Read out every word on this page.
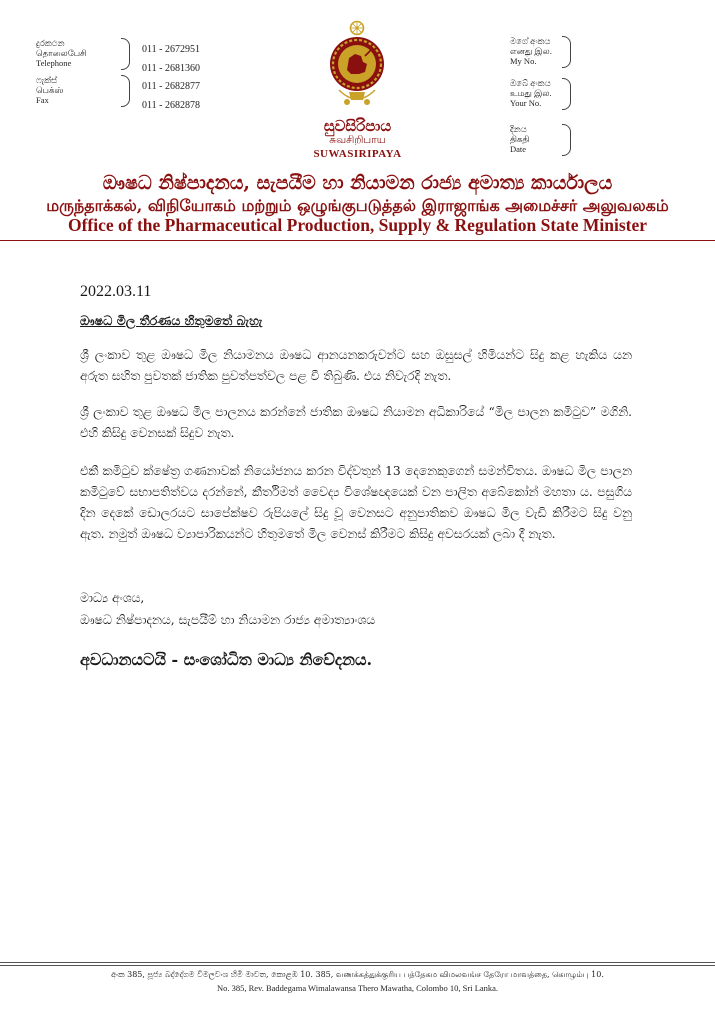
දුරකථන
தொலைபேசி
Telephone
011 - 2672951
011 - 2681360
ෆැක්ස්
பெக்ஸ்
Fax
011 - 2682877
011 - 2682878
මගේ අංකය
எனது இல.
My No.
ඔබේ අංකය
உமது இல.
Your No.
දිනය
திகதி
Date
සුවසිරිපාය
சுவசிறிபாய
SUWASIRIPAYA
ඖෂධ නිෂ්පාදනය, සැපයීම හා නියාමන රාජ්‍ය අමාත්‍ය කාර්යාලය
மருந்தாக்கல், விநியோகம் மற்றும் ஒழுங்குபடுத்தல் இராஜாங்க அமைச்சர் அலுவலகம்
Office of the Pharmaceutical Production, Supply & Regulation State Minister
2022.03.11
ඖෂධ මිල තීරණය හිතුමතේ බැහැ
ශ්‍රී ලංකාව තුළ ඖෂධ මිල නියාමනය ඖෂධ ආනයනකරුවන්ට සහ ඔසුසල් හිමියන්ට සිදු කළ හැකිය යන අරුත සහිත පුවතක් ජාතික පුවත්පත්වල පළ වී තිබුණි. එය නිවැරදි නැත.
ශ්‍රී ලංකාව තුළ ඖෂධ මිල පාලනය කරන්නේ ජාතික ඖෂධ නියාමන අධිකාරියේ “මිල පාලන කමිටුව” මගිනි. එහි කිසිදු වෙනසක් සිදුව නැත.
එකී කමිටුව ක්ෂේත්‍ර ගණනාවක් නියෝජනය කරන විද්වතුන් 13 දෙනෙකුගෙන් සමන්විතය. ඖෂධ මිල පාලන කමිටුවේ සභාපතිත්වය දරන්නේ, කීර්තිමත් වෛද්‍ය විශේෂඥයෙක් වන පාලිත අබේකෝන් මහතා ය. පසුගිය දින දෙකේ ඩොලරයට සාපේක්ෂව රුපියලේ සිදු වූ වෙනසට අනුපාතිකව ඖෂධ මිල වැඩි කිරීමට සිදු වනු ඇත. නමුත් ඖෂධ ව්‍යාපාරිකයන්ට හිතුමතේ මිල වෙනස් කිරීමට කිසිදු අවසරයක් ලබා දී නැත.
මාධ්‍ය අංශය,
ඖෂධ නිෂ්පාදනය, සැපයීම් හා නියාමන රාජ්‍ය අමාත්‍යාංශය
අවධානයටයි - සංශෝධිත මාධ්‍ය නිවේදනය.
අංක 385, පූජ්‍ය බද්දේගම විමලවංශ හිමි මාවත, කොළඹ 10. 385, வணக்கத்துக்குரிய பத்தேகம விமலவங்ச தேரோ மாவத்தை, கொழும்பு 10.
No. 385, Rev. Baddegama Wimalawansa Thero Mawatha, Colombo 10, Sri Lanka.
